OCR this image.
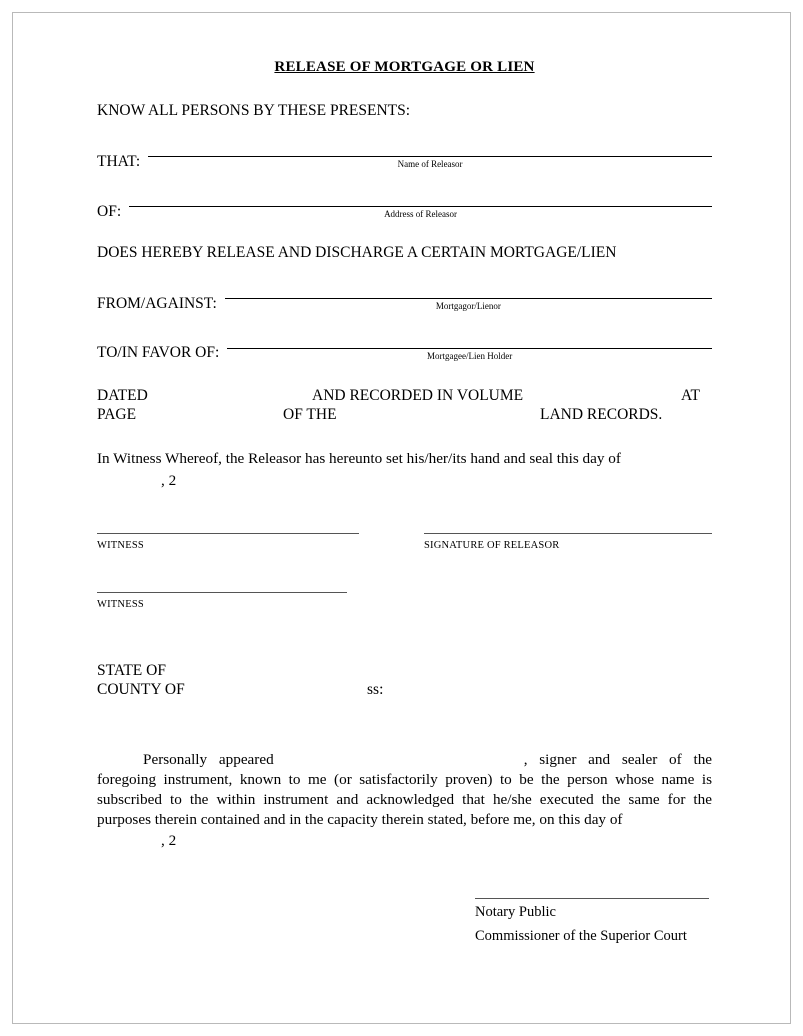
RELEASE OF MORTGAGE OR LIEN
KNOW ALL PERSONS BY THESE PRESENTS:
THAT:	Name of Releasor
OF:	Address of Releasor
DOES HEREBY RELEASE AND DISCHARGE A CERTAIN MORTGAGE/LIEN
FROM/AGAINST:	Mortgagor/Lienor
TO/IN FAVOR OF:	Mortgagee/Lien Holder
DATED	AND RECORDED IN VOLUME	AT
PAGE	OF THE	LAND RECORDS.
In Witness Whereof, the Releasor has hereunto set his/her/its hand and seal this day of
, 2
WITNESS	SIGNATURE OF RELEASOR
WITNESS
STATE OF
COUNTY OF	ss:
Personally appeared	, signer and sealer of the foregoing instrument, known to me (or satisfactorily proven) to be the person whose name is subscribed to the within instrument and acknowledged that he/she executed the same for the purposes therein contained and in the capacity therein stated, before me, on this day of
, 2
Notary Public
Commissioner of the Superior Court
